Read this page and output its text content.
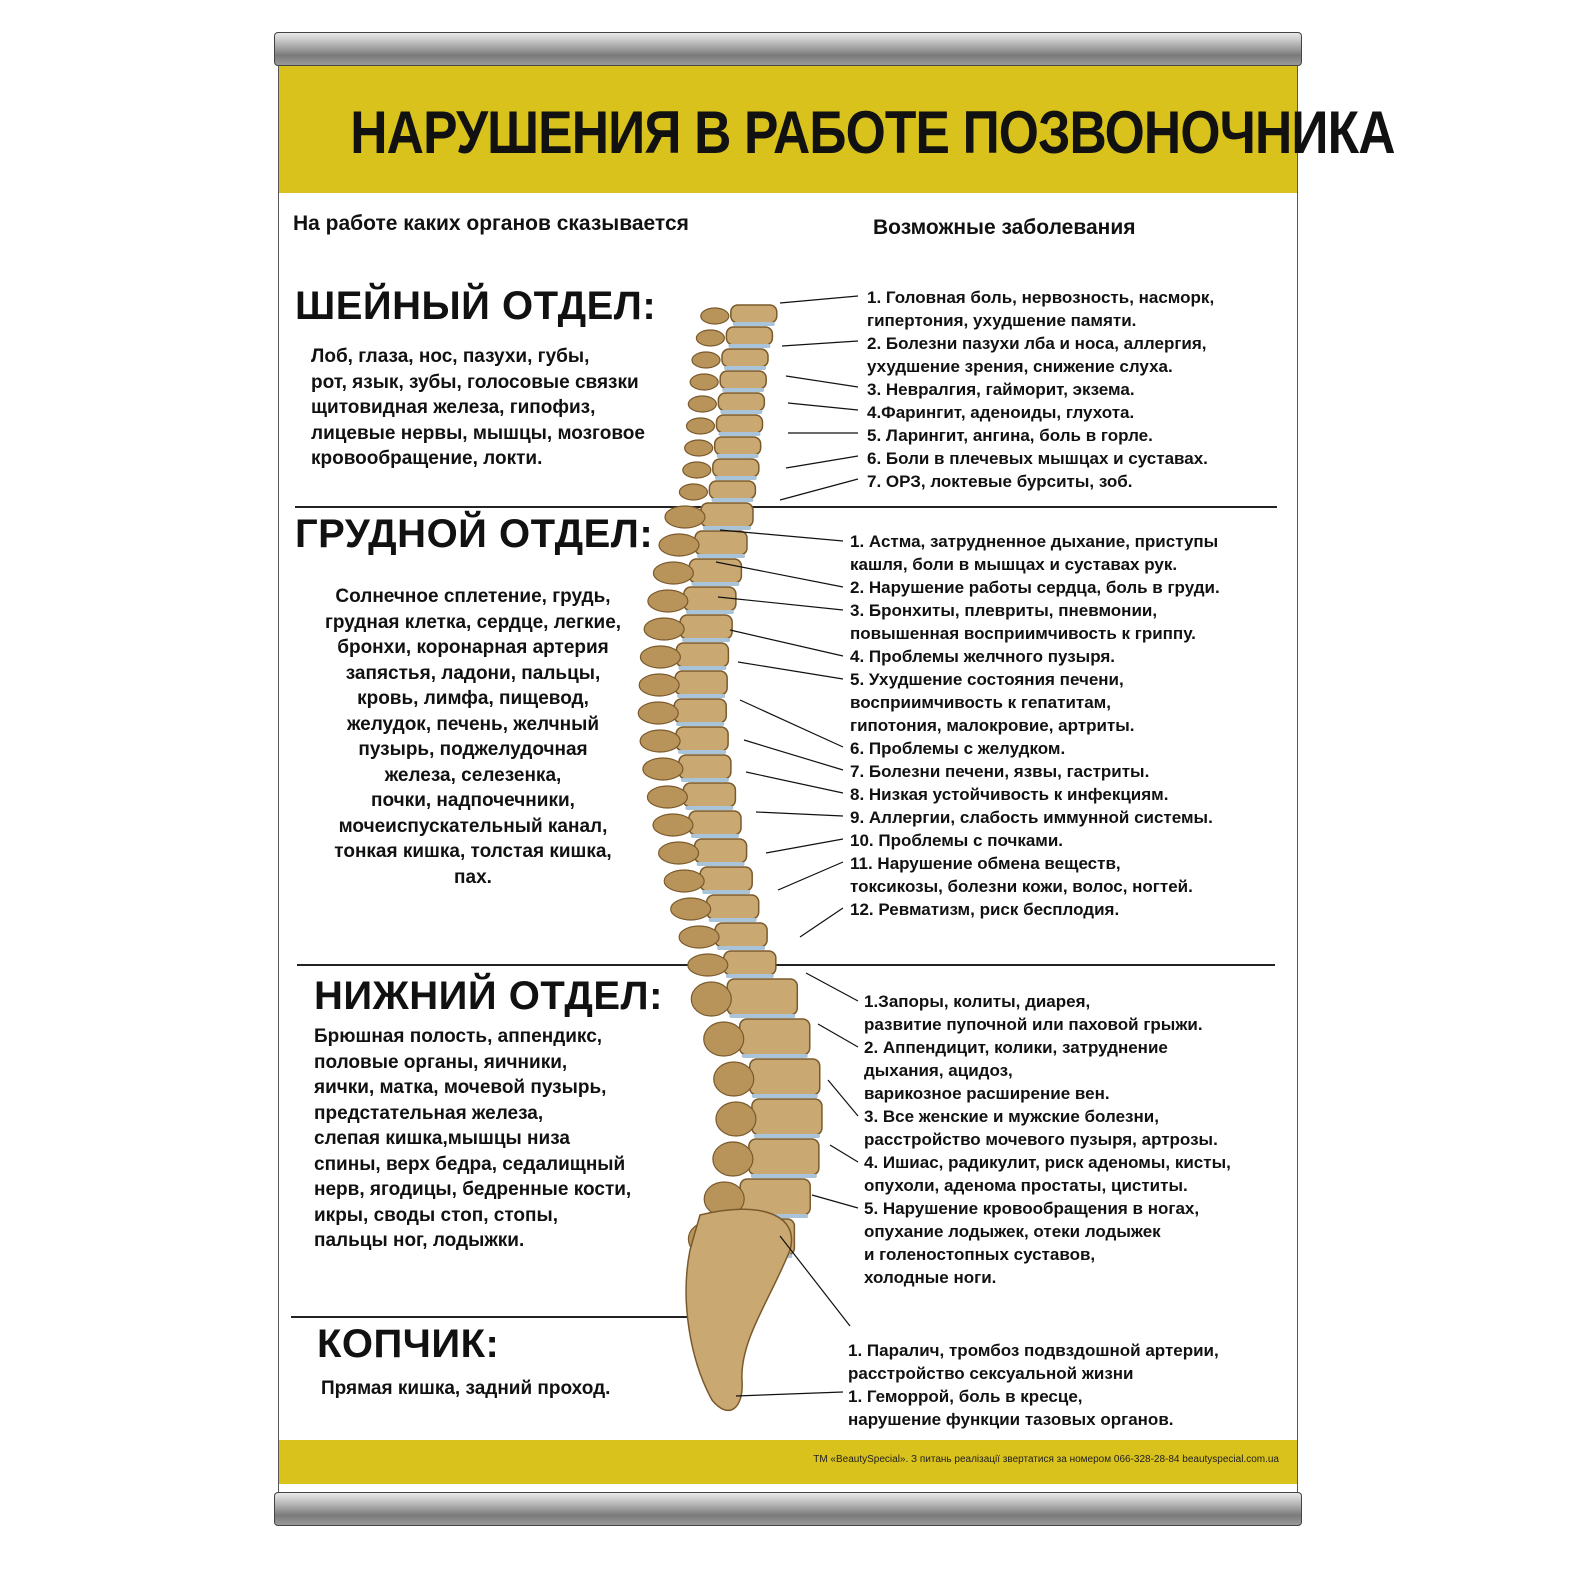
НАРУШЕНИЯ В РАБОТЕ ПОЗВОНОЧНИКА
На работе каких органов сказывается	Возможные заболевания
ШЕЙНЫЙ ОТДЕЛ:
Лоб, глаза, нос, пазухи, губы,
рот, язык, зубы, голосовые связки
щитовидная железа, гипофиз,
лицевые нервы, мышцы, мозговое
кровообращение, локти.
1. Головная боль, нервозность, насморк,
гипертония, ухудшение памяти.
2. Болезни пазухи лба и носа, аллергия,
ухудшение зрения, снижение слуха.
3. Невралгия, гайморит, экзема.
4.Фарингит, аденоиды, глухота.
5. Ларингит, ангина, боль в горле.
6. Боли в плечевых мышцах и суставах.
7. ОРЗ, локтевые бурситы, зоб.
ГРУДНОЙ ОТДЕЛ:
Солнечное сплетение, грудь,
грудная клетка, сердце, легкие,
бронхи, коронарная артерия
запястья, ладони, пальцы,
кровь, лимфа, пищевод,
желудок, печень, желчный
пузырь, поджелудочная
железа, селезенка,
почки, надпочечники,
мочеиспускательный канал,
тонкая кишка, толстая кишка,
пах.
1. Астма, затрудненное дыхание, приступы
кашля, боли в мышцах и суставах рук.
2. Нарушение работы сердца, боль в груди.
3. Бронхиты, плевриты, пневмонии,
повышенная восприимчивость к гриппу.
4. Проблемы желчного пузыря.
5. Ухудшение состояния печени,
восприимчивость к гепатитам,
гипотония, малокровие, артриты.
6. Проблемы с желудком.
7. Болезни печени, язвы, гастриты.
8. Низкая устойчивость к инфекциям.
9. Аллергии, слабость иммунной системы.
10. Проблемы с почками.
11. Нарушение обмена веществ,
токсикозы, болезни кожи, волос, ногтей.
12. Ревматизм, риск бесплодия.
НИЖНИЙ ОТДЕЛ:
Брюшная полость, аппендикс,
половые органы, яичники,
яички, матка, мочевой пузырь,
предстательная железа,
слепая кишка,мышцы низа
спины, верх бедра, седалищный
нерв, ягодицы, бедренные кости,
икры, своды стоп, стопы,
пальцы ног, лодыжки.
1.Запоры, колиты, диарея,
развитие пупочной или паховой грыжи.
2. Аппендицит, колики, затруднение
дыхания, ацидоз,
варикозное расширение вен.
3. Все женские и мужские болезни,
расстройство мочевого пузыря, артрозы.
4. Ишиас, радикулит, риск аденомы, кисты,
опухоли, аденома простаты, циститы.
5. Нарушение кровообращения в ногах,
опухание лодыжек, отеки лодыжек
и голеностопных суставов,
холодные ноги.
КОПЧИК:
Прямая кишка, задний проход.
1. Паралич, тромбоз подвздошной артерии,
расстройство сексуальной жизни
1. Геморрой, боль в кресце,
нарушение функции тазовых органов.
ТМ «BeautySpecial». З питань реалізації звертатися за номером 066-328-28-84 beautyspecial.com.ua
